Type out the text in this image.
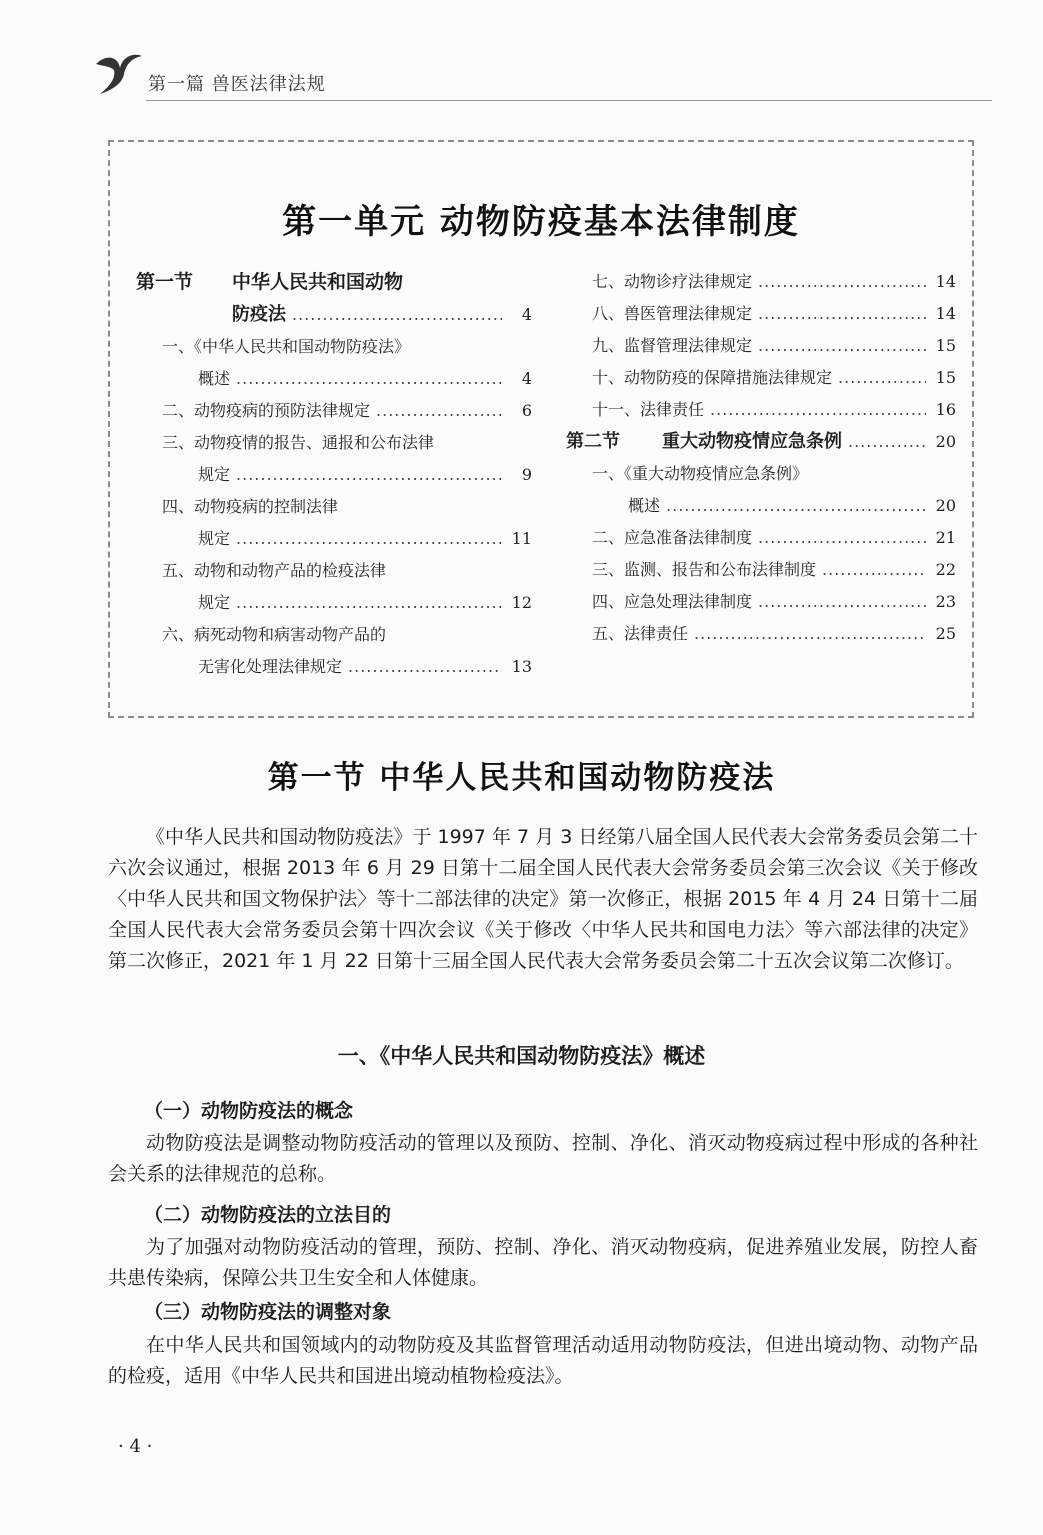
第一篇 兽医法律法规
第一单元 动物防疫基本法律制度
第一节	中华人民共和国动物
防疫法 .....	4
一、《中华人民共和国动物防疫法》
概述 .....	4
二、动物疫病的预防法律规定 .....	6
三、动物疫情的报告、通报和公布法律
规定 .....	9
四、动物疫病的控制法律
规定 .....	11
五、动物和动物产品的检疫法律
规定 .....	12
六、病死动物和病害动物产品的
无害化处理法律规定 .....	13
七、动物诊疗法律规定 .....	14
八、兽医管理法律规定 .....	14
九、监督管理法律规定 .....	15
十、动物防疫的保障措施法律规定 .....	15
十一、法律责任 .....	16
第二节	重大动物疫情应急条例 .....	20
一、《重大动物疫情应急条例》
概述 .....	20
二、应急准备法律制度 .....	21
三、监测、报告和公布法律制度 .....	22
四、应急处理法律制度 .....	23
五、法律责任 .....	25
第一节 中华人民共和国动物防疫法
《中华人民共和国动物防疫法》于 1997 年 7 月 3 日经第八届全国人民代表大会常务委员会第二十六次会议通过，根据 2013 年 6 月 29 日第十二届全国人民代表大会常务委员会第三次会议《关于修改〈中华人民共和国文物保护法〉等十二部法律的决定》第一次修正，根据 2015 年 4 月 24 日第十二届全国人民代表大会常务委员会第十四次会议《关于修改〈中华人民共和国电力法〉等六部法律的决定》第二次修正，2021 年 1 月 22 日第十三届全国人民代表大会常务委员会第二十五次会议第二次修订。
一、《中华人民共和国动物防疫法》概述
（一）动物防疫法的概念
动物防疫法是调整动物防疫活动的管理以及预防、控制、净化、消灭动物疫病过程中形成的各种社会关系的法律规范的总称。
（二）动物防疫法的立法目的
为了加强对动物防疫活动的管理，预防、控制、净化、消灭动物疫病，促进养殖业发展，防控人畜共患传染病，保障公共卫生安全和人体健康。
（三）动物防疫法的调整对象
在中华人民共和国领域内的动物防疫及其监督管理活动适用动物防疫法，但进出境动物、动物产品的检疫，适用《中华人民共和国进出境动植物检疫法》。
· 4 ·
